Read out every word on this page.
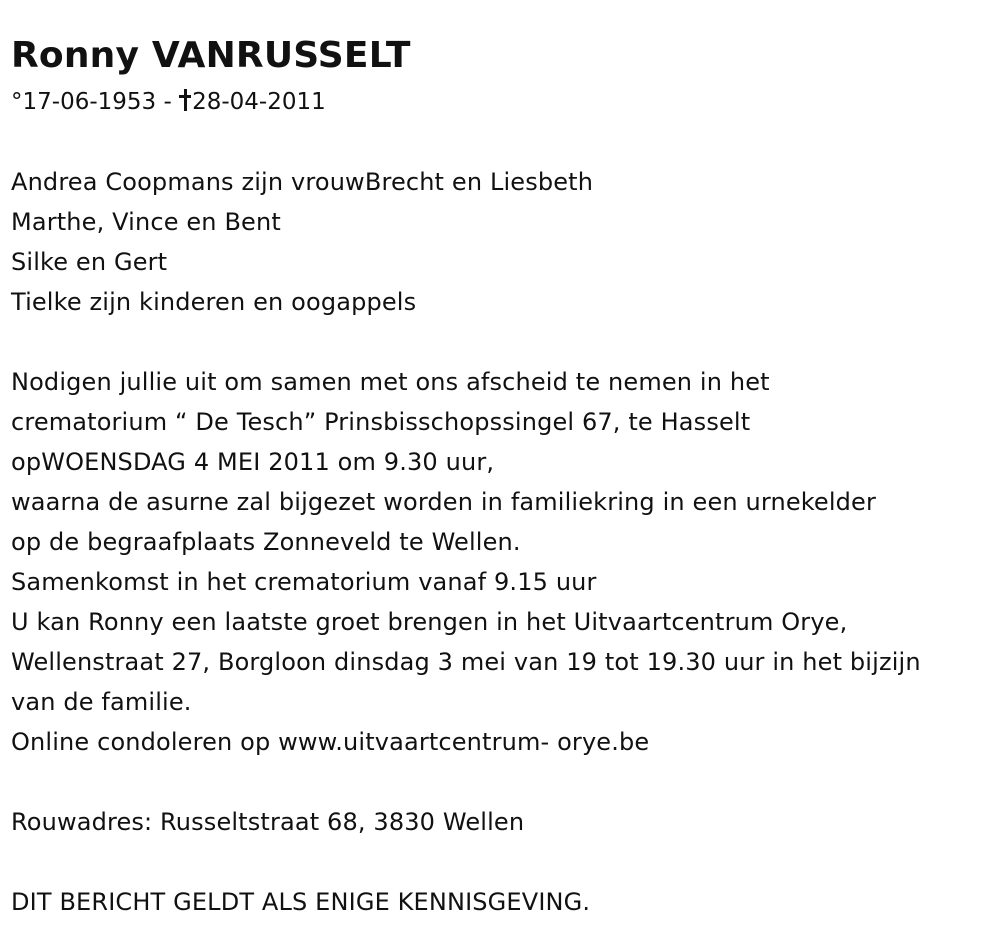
Ronny VANRUSSELT

°17-06-1953 - 28-04-2011

Andrea Coopmans zijn vrouwBrecht en Liesbeth

Marthe, Vince en Bent

Silke en Gert

Tielke zijn kinderen en oogappels

Nodigen jullie uit om samen met ons afscheid te nemen in het

crematorium “ De Tesch” Prinsbisschopssingel 67, te Hasselt

opWOENSDAG 4 MEI 2011 om 9.30 uur,

waarna de asurne zal bijgezet worden in familiekring in een urnekelder

op de begraafplaats Zonneveld te Wellen.

Samenkomst in het crematorium vanaf 9.15 uur

U kan Ronny een laatste groet brengen in het Uitvaartcentrum Orye,

Wellenstraat 27, Borgloon dinsdag 3 mei van 19 tot 19.30 uur in het bijzijn

van de familie.

Online condoleren op www.uitvaartcentrum- orye.be

Rouwadres: Russeltstraat 68, 3830 Wellen

DIT BERICHT GELDT ALS ENIGE KENNISGEVING.
